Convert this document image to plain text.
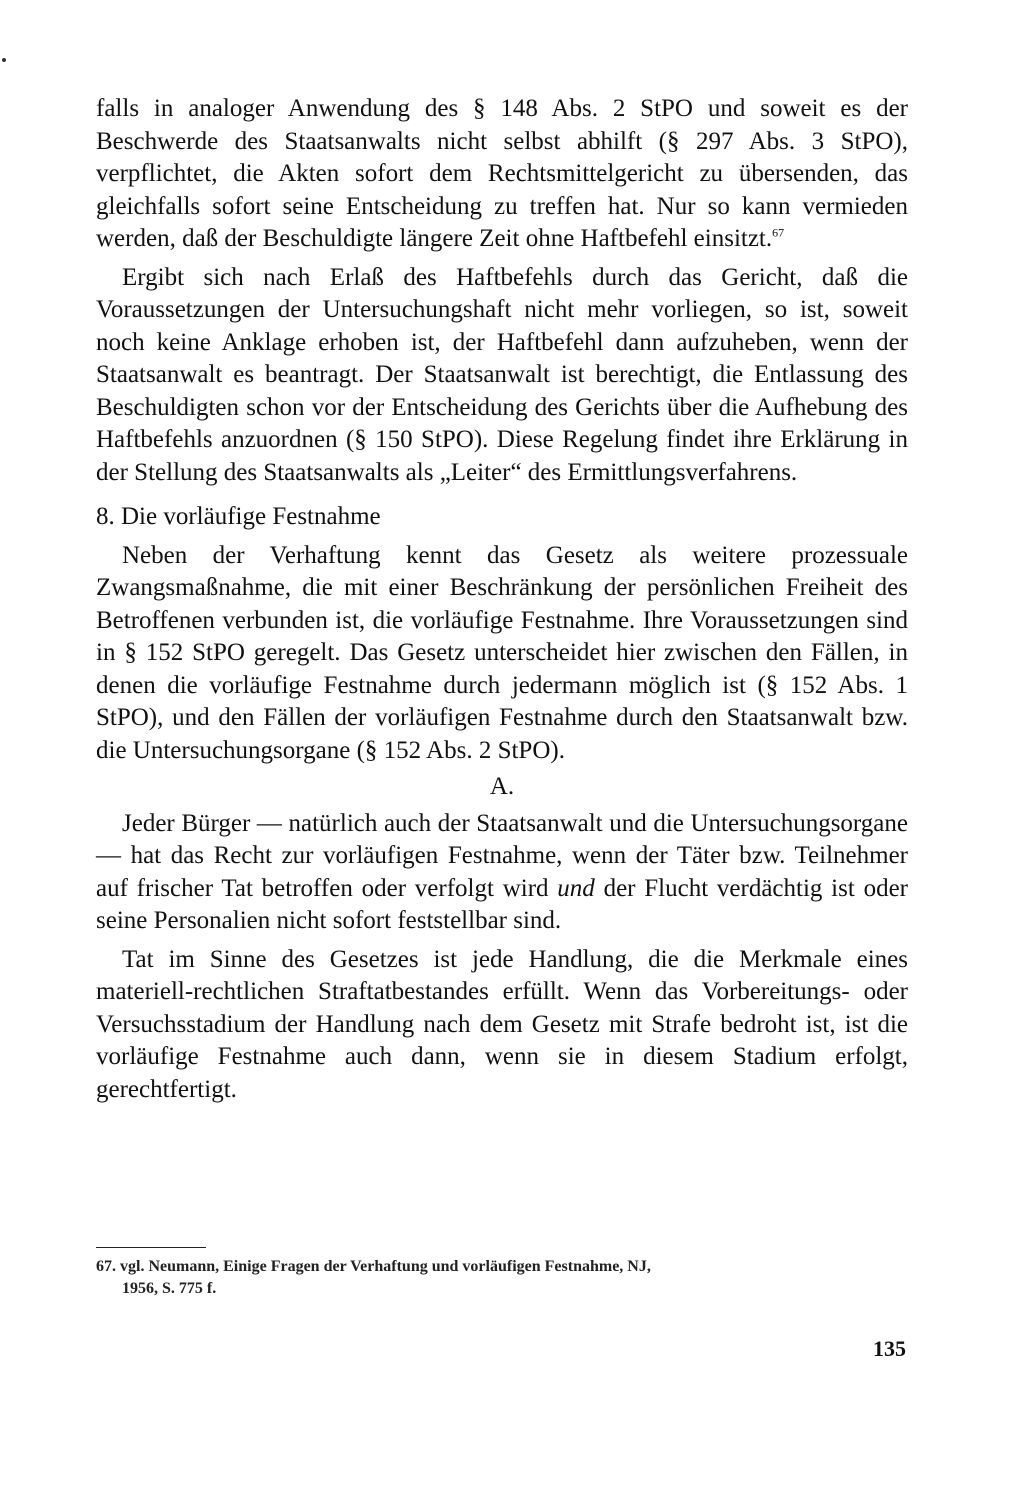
falls in analoger Anwendung des § 148 Abs. 2 StPO und soweit es der Beschwerde des Staatsanwalts nicht selbst abhilft (§ 297 Abs. 3 StPO), verpflichtet, die Akten sofort dem Rechtsmittelgericht zu übersenden, das gleichfalls sofort seine Entscheidung zu treffen hat. Nur so kann vermieden werden, daß der Beschuldigte längere Zeit ohne Haftbefehl einsitzt.$^{67}$

Ergibt sich nach Erlaß des Haftbefehls durch das Gericht, daß die Voraussetzungen der Untersuchungshaft nicht mehr vorliegen, so ist, soweit noch keine Anklage erhoben ist, der Haftbefehl dann aufzuheben, wenn der Staatsanwalt es beantragt. Der Staatsanwalt ist berechtigt, die Entlassung des Beschuldigten schon vor der Entscheidung des Gerichts über die Aufhebung des Haftbefehls anzuordnen (§ 150 StPO). Diese Regelung findet ihre Erklärung in der Stellung des Staatsanwalts als „Leiter“ des Ermittlungsverfahrens.

8. Die vorläufige Festnahme

Neben der Verhaftung kennt das Gesetz als weitere prozessuale Zwangsmaßnahme, die mit einer Beschränkung der persönlichen Freiheit des Betroffenen verbunden ist, die vorläufige Festnahme. Ihre Voraussetzungen sind in § 152 StPO geregelt. Das Gesetz unterscheidet hier zwischen den Fällen, in denen die vorläufige Festnahme durch jedermann möglich ist (§ 152 Abs. 1 StPO), und den Fällen der vorläufigen Festnahme durch den Staatsanwalt bzw. die Untersuchungsorgane (§ 152 Abs. 2 StPO).

A.

Jeder Bürger — natürlich auch der Staatsanwalt und die Untersuchungsorgane — hat das Recht zur vorläufigen Festnahme, wenn der Täter bzw. Teilnehmer auf frischer Tat betroffen oder verfolgt wird und der Flucht verdächtig ist oder seine Personalien nicht sofort feststellbar sind.

Tat im Sinne des Gesetzes ist jede Handlung, die die Merkmale eines materiell-rechtlichen Straftatbestandes erfüllt. Wenn das Vorbereitungs- oder Versuchsstadium der Handlung nach dem Gesetz mit Strafe bedroht ist, ist die vorläufige Festnahme auch dann, wenn sie in diesem Stadium erfolgt, gerechtfertigt.

67. vgl. Neumann, Einige Fragen der Verhaftung und vorläufigen Festnahme, NJ,
1956, S. 775 f.
135
